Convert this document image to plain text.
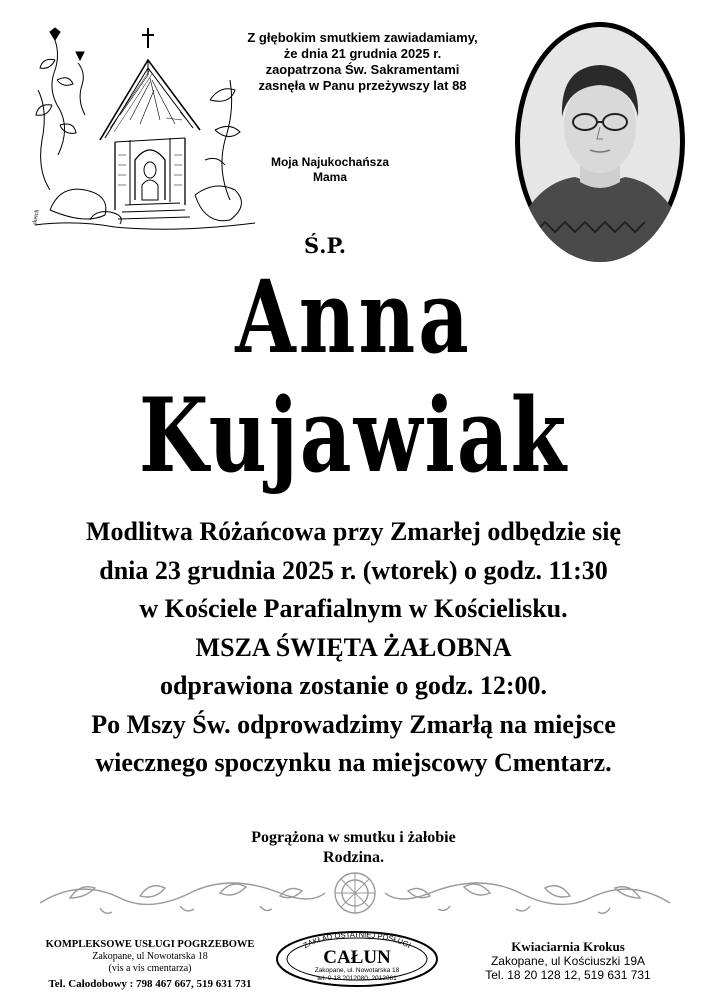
sketch
Z głębokim smutkiem zawiadamiamy,
że dnia 21 grudnia 2025 r.
zaopatrzona Św. Sakramentami
zasnęła w Panu przeżywszy lat 88
Moja Najukochańsza
Mama
Ś.P.
Anna
Kujawiak
Modlitwa Różańcowa przy Zmarłej odbędzie się
dnia 23 grudnia 2025 r. (wtorek) o godz. 11:30
w Kościele Parafialnym w Kościelisku.
MSZA ŚWIĘTA ŻAŁOBNA
odprawiona zostanie o godz. 12:00.
Po Mszy Św. odprowadzimy Zmarłą na miejsce
wiecznego spoczynku na miejscowy Cmentarz.
Pogrążona w smutku i żałobie
Rodzina.
KOMPLEKSOWE USŁUGI POGRZEBOWE
Zakopane, ul Nowotarska 18
(vis a vis cmentarza)
Tel. Całodobowy : 798 467 667, 519 631 731
ZAKŁAD OSTATNIEJ POSŁUGI
CAŁUN
Zakopane, ul. Nowotarska 18
tel. 0-18 2012080, 2012081
Kwiaciarnia Krokus
Zakopane, ul Kościuszki 19A
Tel. 18 20 128 12, 519 631 731
